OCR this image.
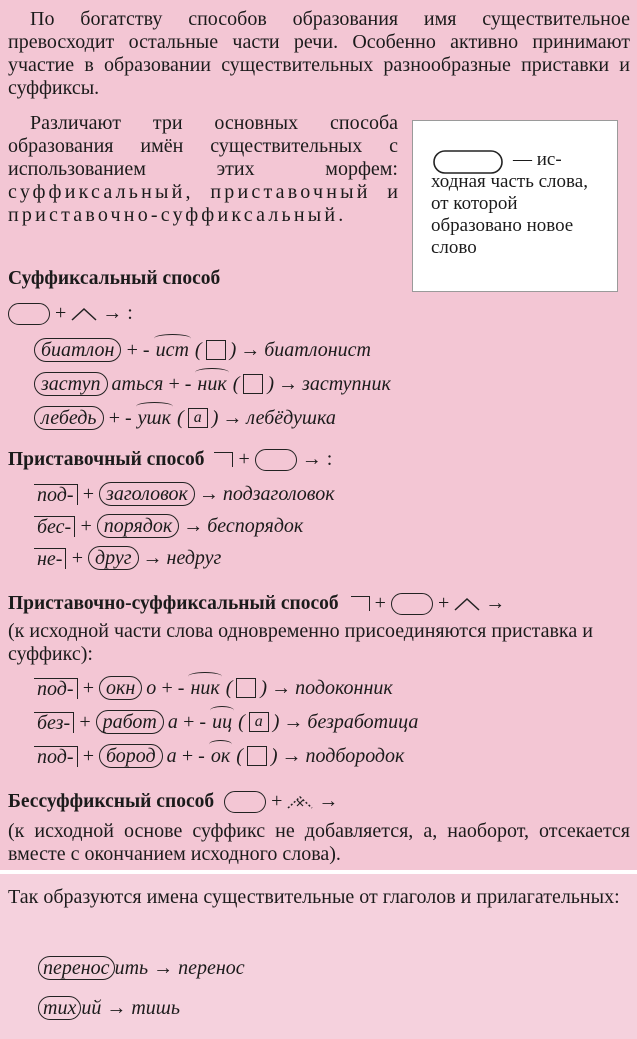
По богатству способов образования имя существительное превосходит остальные части речи. Особенно активно принимают участие в образовании существительных разнообразные приставки и суффиксы.
Различают три основных способа образования имён существительных с использованием этих морфем: суффиксальный, приставочный и приставочно-суффиксальный.
— ис-
ходная часть слова, от которой образовано новое слово
Суффиксальный способ
+ → :
биатлон + - ист ( ) → биатлонист
заступ аться + - ник ( ) → заступник
лебедь + - ушк ( а ) → лебёдушка
Приставочный способ +	→ :
под- + заголовок → подзаголовок
бес- + порядок → беспорядок
не- + друг → недруг
Приставочно-суффиксальный способ +	+ →
(к исходной части слова одновременно присоединяются приставка и суффикс):
под- + окн о + - ник ( ) → подоконник
без- + работ а + - иц ( а ) → безработица
под- + бород а + - ок ( ) → подбородок
Бессуффиксный способ	+ →
(к исходной основе суффикс не добавляется, а, наоборот, отсекается вместе с окончанием исходного слова).
Так образуются имена существительные от глаголов и прилагательных:
перенос ить → перенос
тих ий → тишь
